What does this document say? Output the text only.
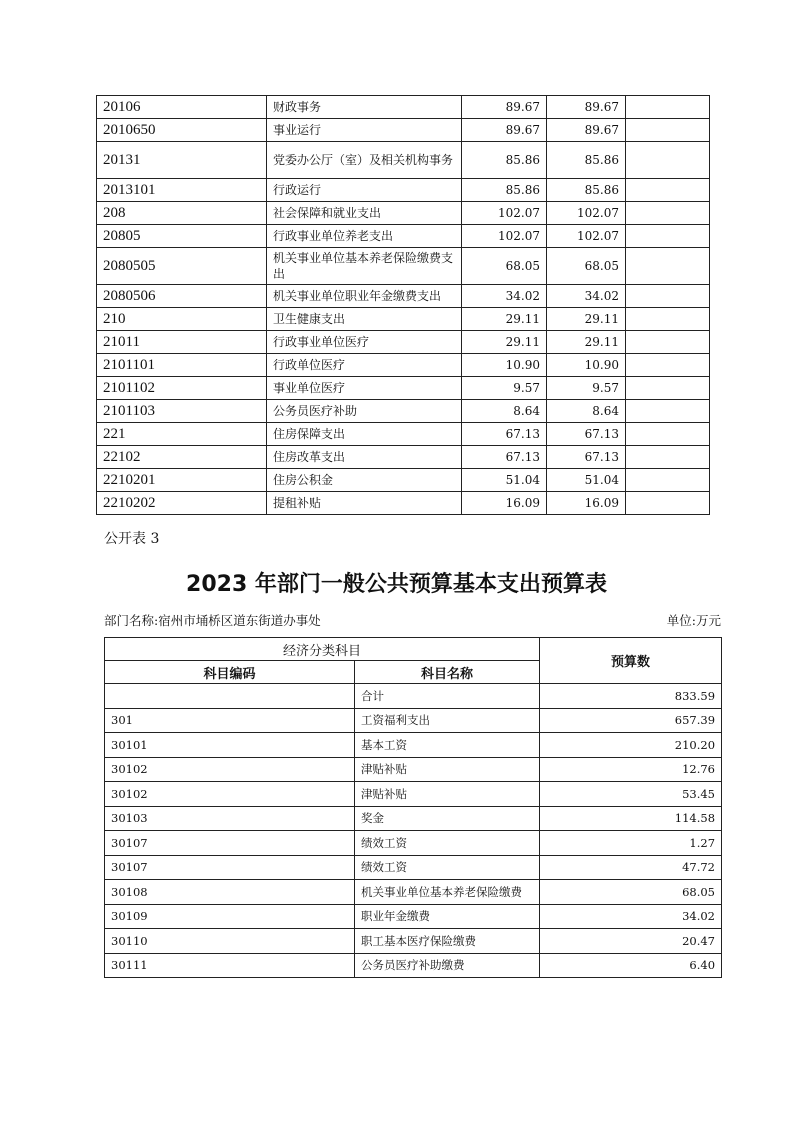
20106	财政事务	89.67	89.67	
2010650	事业运行	89.67	89.67	
20131	党委办公厅（室）及相关机构事务	85.86	85.86	
2013101	行政运行	85.86	85.86	
208	社会保障和就业支出	102.07	102.07	
20805	行政事业单位养老支出	102.07	102.07	
2080505	机关事业单位基本养老保险缴费支出	68.05	68.05	
2080506	机关事业单位职业年金缴费支出	34.02	34.02	
210	卫生健康支出	29.11	29.11	
21011	行政事业单位医疗	29.11	29.11	
2101101	行政单位医疗	10.90	10.90	
2101102	事业单位医疗	9.57	9.57	
2101103	公务员医疗补助	8.64	8.64	
221	住房保障支出	67.13	67.13	
22102	住房改革支出	67.13	67.13	
2210201	住房公积金	51.04	51.04	
2210202	提租补贴	16.09	16.09	
公开表 3
2023 年部门一般公共预算基本支出预算表
部门名称:宿州市埇桥区道东街道办事处	单位:万元
经济分类科目		预算数
科目编码	科目名称	
	合计	833.59
301	工资福利支出	657.39
30101	基本工资	210.20
30102	津贴补贴	12.76
30102	津贴补贴	53.45
30103	奖金	114.58
30107	绩效工资	1.27
30107	绩效工资	47.72
30108	机关事业单位基本养老保险缴费	68.05
30109	职业年金缴费	34.02
30110	职工基本医疗保险缴费	20.47
30111	公务员医疗补助缴费	6.40
